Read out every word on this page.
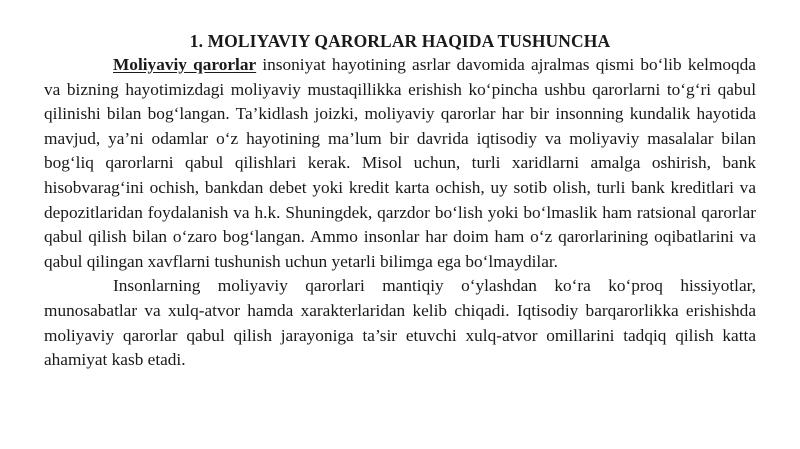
1. MOLIYAVIY QARORLAR HAQIDA TUSHUNCHA

Moliyaviy qarorlar insoniyat hayotining asrlar davomida ajralmas qismi bo‘lib kelmoqda va bizning hayotimizdagi moliyaviy mustaqillikka erishish koʻpincha ushbu qarorlarni to‘g‘ri qabul qilinishi bilan bog‘langan. Ta’kidlash joizki, moliyaviy qarorlar har bir insonning kundalik hayotida mavjud, ya’ni odamlar o‘z hayotining ma’lum bir davrida iqtisodiy va moliyaviy masalalar bilan bog‘liq qarorlarni qabul qilishlari kerak. Misol uchun, turli xaridlarni amalga oshirish, bank hisobvarag‘ini ochish, bankdan debet yoki kredit karta ochish, uy sotib olish, turli bank kreditlari va depozitlaridan foydalanish va h.k. Shuningdek, qarzdor bo‘lish yoki bo‘lmaslik ham ratsional qarorlar qabul qilish bilan o‘zaro bog‘langan. Ammo insonlar har doim ham o‘z qarorlarining oqibatlarini va qabul qilingan xavflarni tushunish uchun yetarli bilimga ega bo‘lmaydilar.

Insonlarning moliyaviy qarorlari mantiqiy o‘ylashdan ko‘ra ko‘proq hissiyotlar, munosabatlar va xulq-atvor hamda xarakterlaridan kelib chiqadi. Iqtisodiy barqarorlikka erishishda moliyaviy qarorlar qabul qilish jarayoniga ta’sir etuvchi xulq-atvor omillarini tadqiq qilish katta ahamiyat kasb etadi.
